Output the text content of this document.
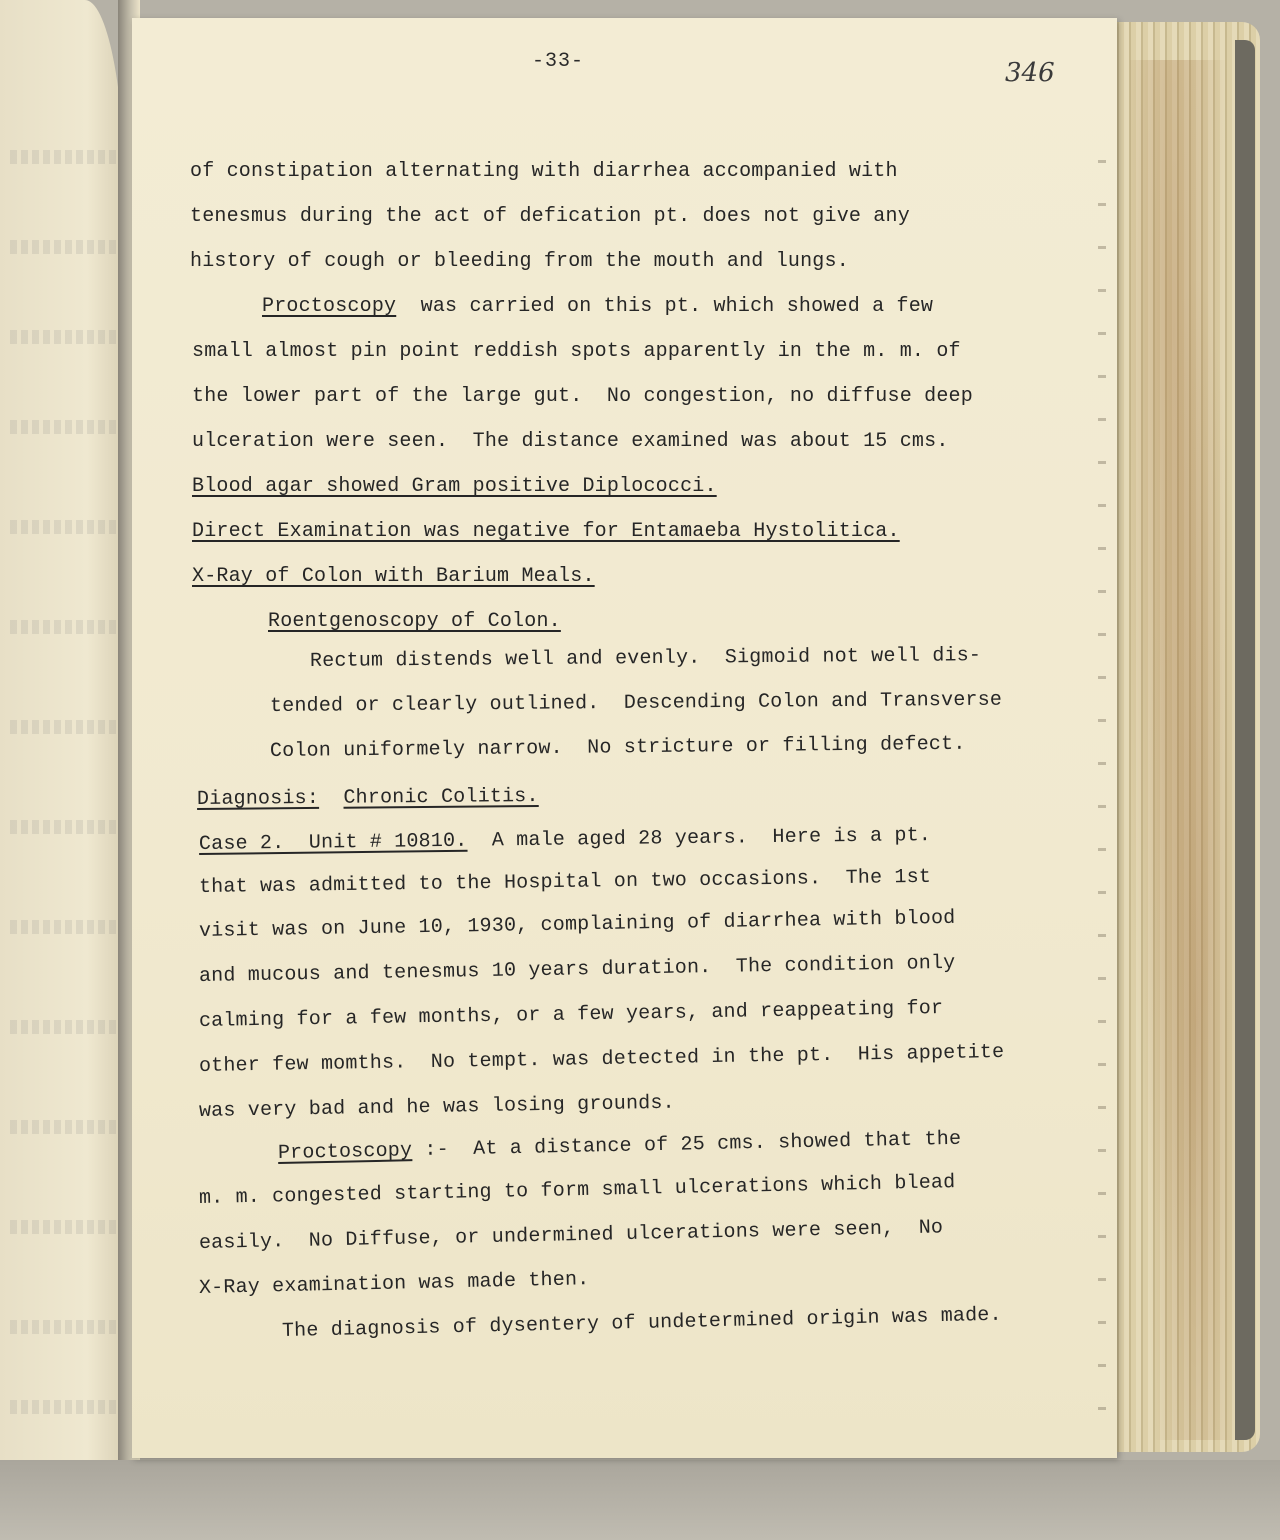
-33-	346
of constipation alternating with diarrhea accompanied with
tenesmus during the act of defication pt. does not give any
history of cough or bleeding from the mouth and lungs.
Proctoscopy  was carried on this pt. which showed a few
small almost pin point reddish spots apparently in the m. m. of
the lower part of the large gut.  No congestion, no diffuse deep
ulceration were seen.  The distance examined was about 15 cms.
Blood agar showed Gram positive Diplococci.
Direct Examination was negative for Entamaeba Hystolitica.
X-Ray of Colon with Barium Meals.
Roentgenoscopy of Colon.
Rectum distends well and evenly.  Sigmoid not well dis-
tended or clearly outlined.  Descending Colon and Transverse
Colon uniformely narrow.  No stricture or filling defect.
Diagnosis: Chronic Colitis.
Case 2.  Unit # 10810.  A male aged 28 years.  Here is a pt.
that was admitted to the Hospital on two occasions.  The 1st
visit was on June 10, 1930, complaining of diarrhea with blood
and mucous and tenesmus 10 years duration.  The condition only
calming for a few months, or a few years, and reappeating for
other few momths.  No tempt. was detected in the pt.  His appetite
was very bad and he was losing grounds.
Proctoscopy :-  At a distance of 25 cms. showed that the
m. m. congested starting to form small ulcerations which blead
easily.  No Diffuse, or undermined ulcerations were seen,  No
X-Ray examination was made then.
The diagnosis of dysentery of undetermined origin was made.
